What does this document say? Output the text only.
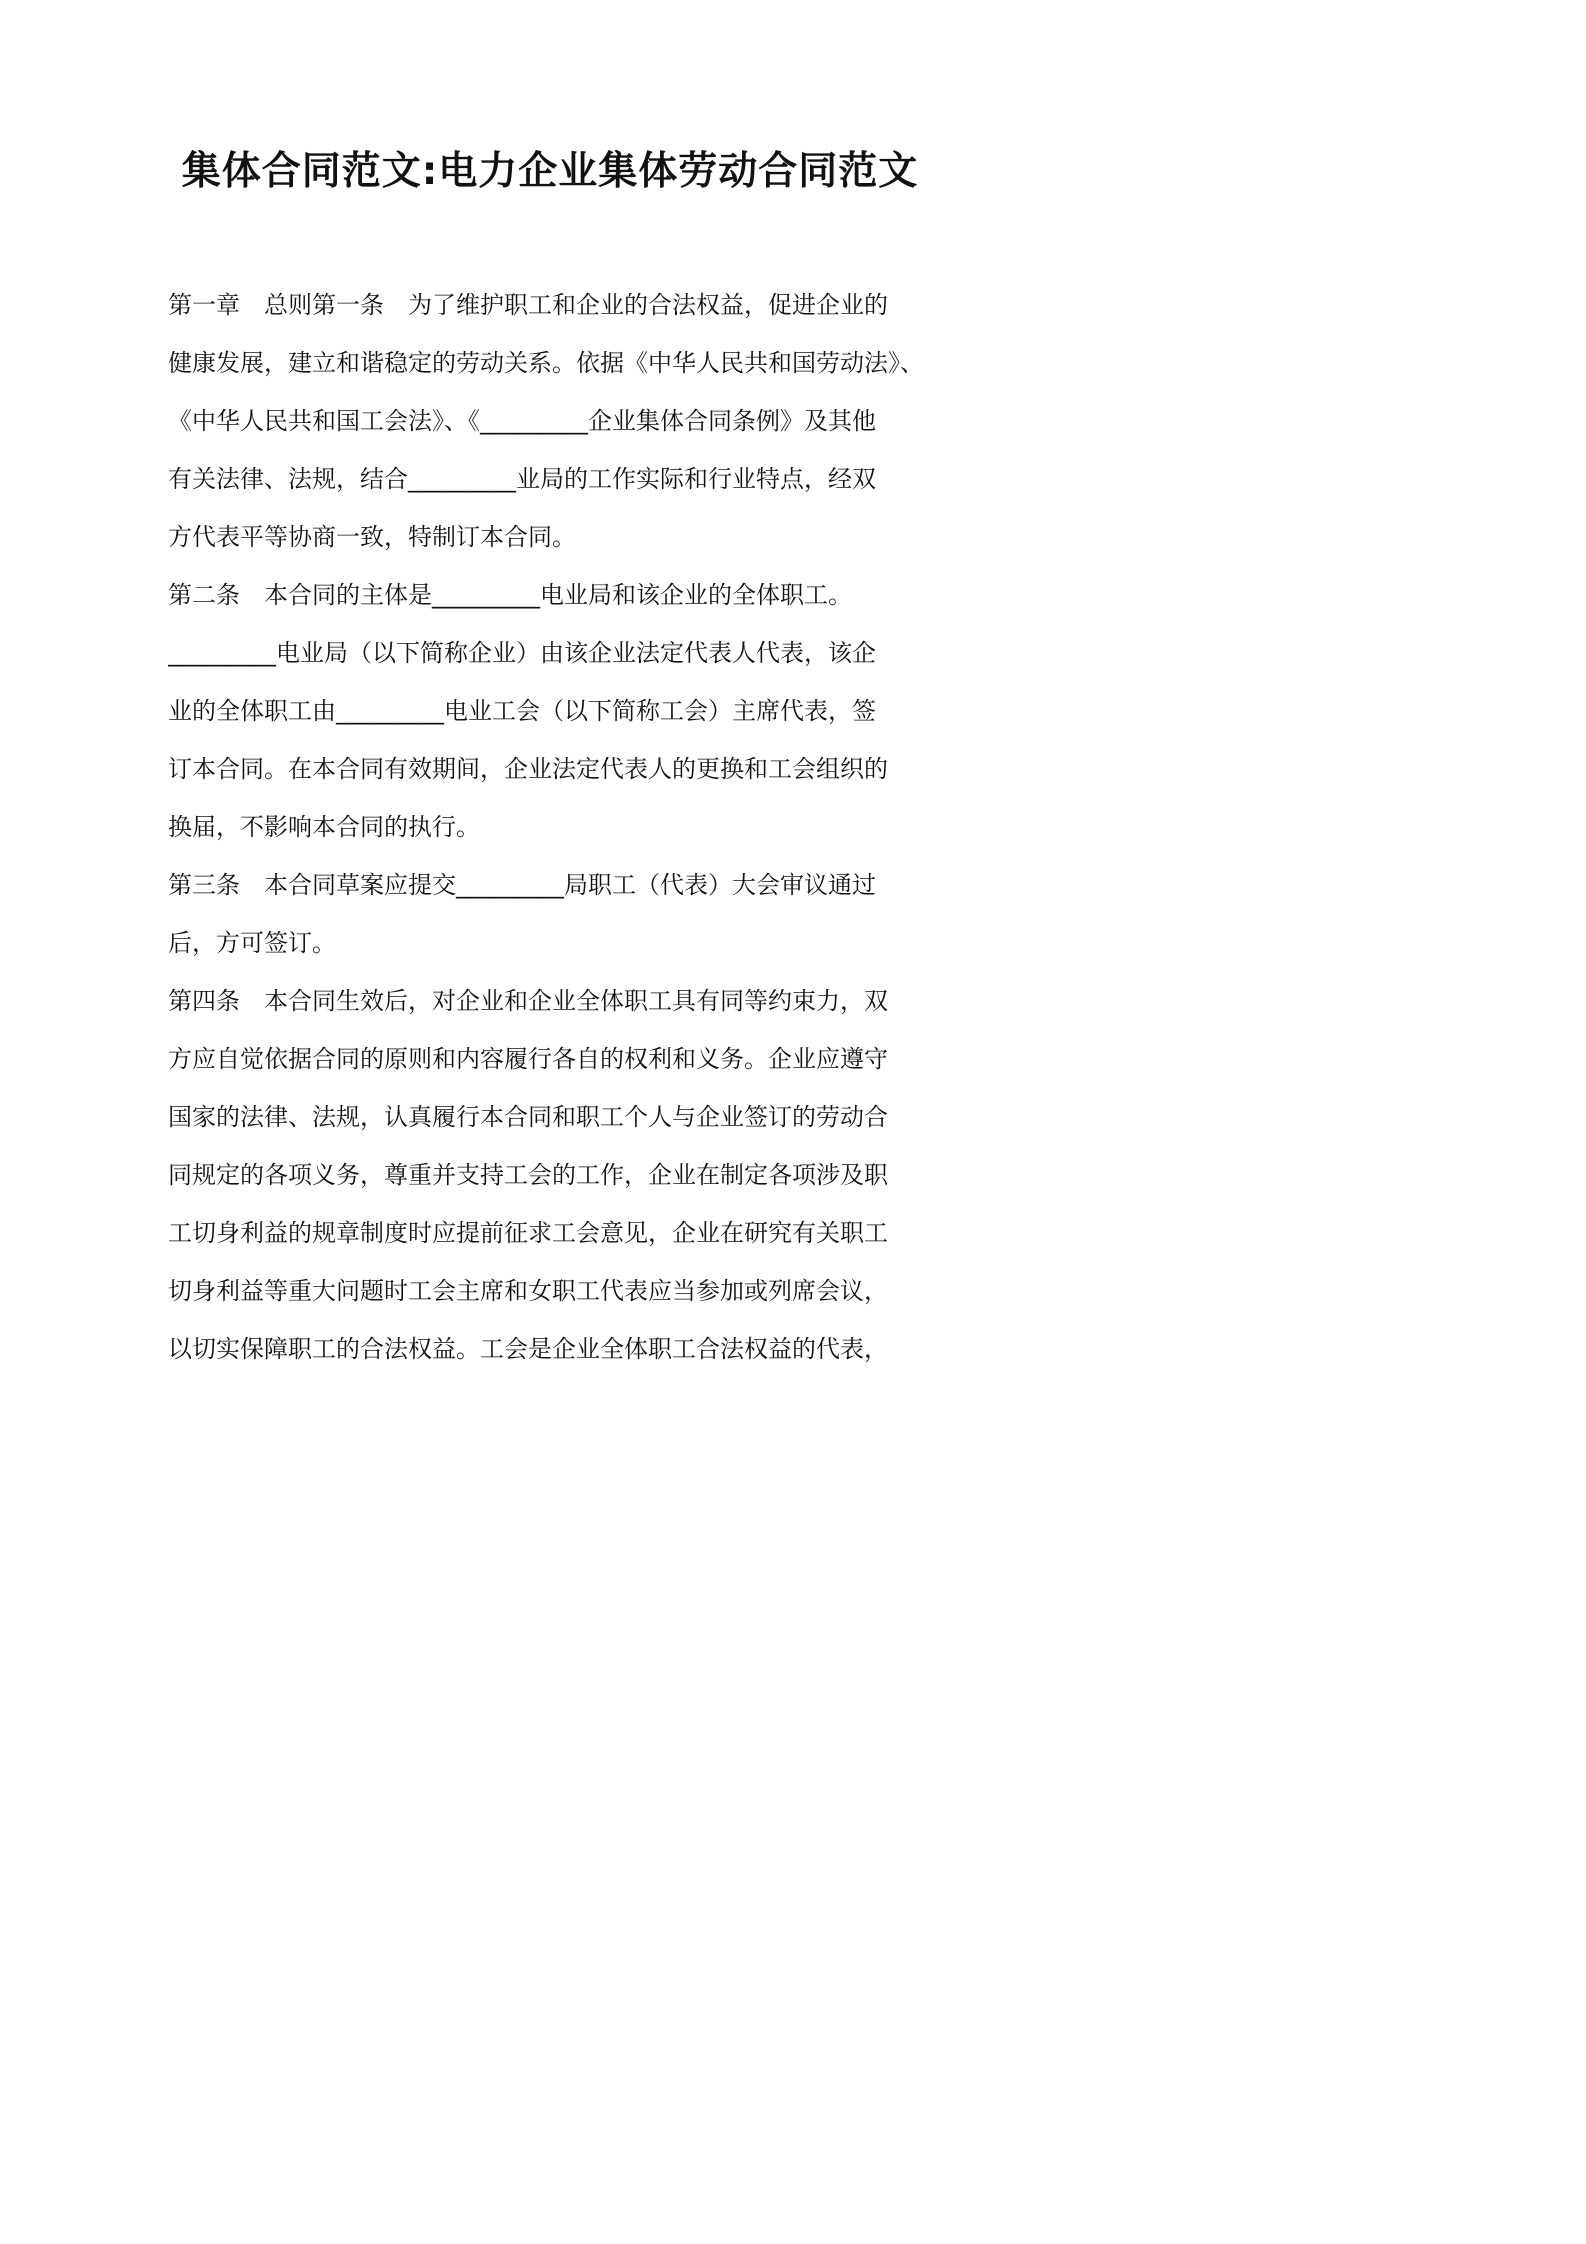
集体合同范文:电力企业集体劳动合同范文
第一章　总则第一条　为了维护职工和企业的合法权益，促进企业的
健康发展，建立和谐稳定的劳动关系。依据《中华人民共和国劳动法》、
《中华人民共和国工会法》、《_________企业集体合同条例》及其他
有关法律、法规，结合_________业局的工作实际和行业特点，经双
方代表平等协商一致，特制订本合同。
第二条　本合同的主体是_________电业局和该企业的全体职工。
_________电业局（以下简称企业）由该企业法定代表人代表，该企
业的全体职工由_________电业工会（以下简称工会）主席代表，签
订本合同。在本合同有效期间，企业法定代表人的更换和工会组织的
换届，不影响本合同的执行。
第三条　本合同草案应提交_________局职工（代表）大会审议通过
后，方可签订。
第四条　本合同生效后，对企业和企业全体职工具有同等约束力，双
方应自觉依据合同的原则和内容履行各自的权利和义务。企业应遵守
国家的法律、法规，认真履行本合同和职工个人与企业签订的劳动合
同规定的各项义务，尊重并支持工会的工作，企业在制定各项涉及职
工切身利益的规章制度时应提前征求工会意见，企业在研究有关职工
切身利益等重大问题时工会主席和女职工代表应当参加或列席会议，
以切实保障职工的合法权益。工会是企业全体职工合法权益的代表，
